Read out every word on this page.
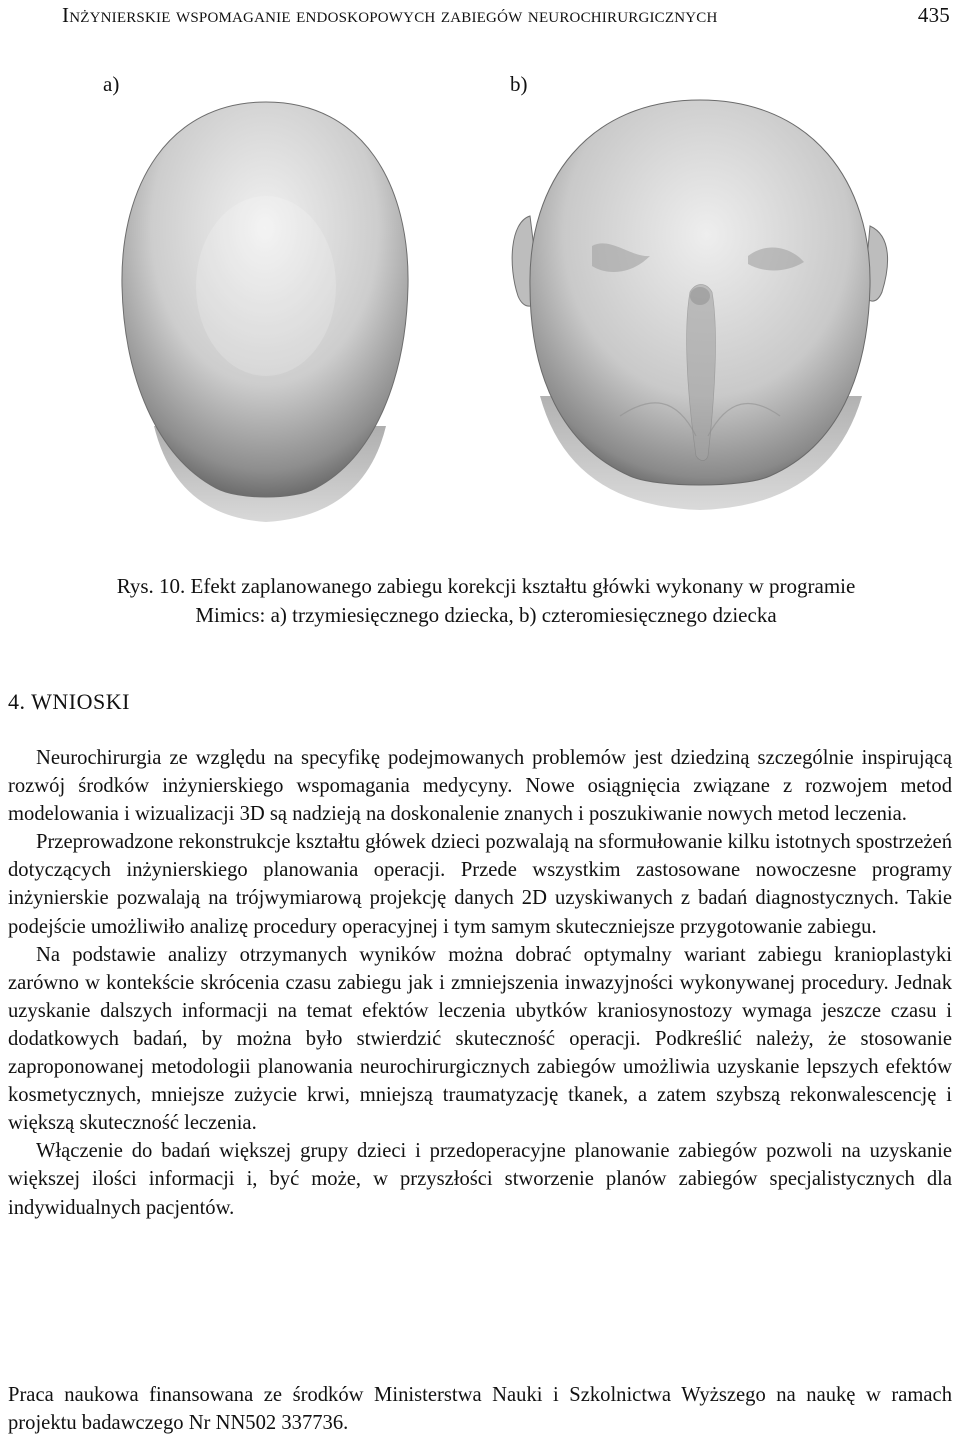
Inżynierskie wspomaganie endoskopowych zabiegów neurochirurgicznych	435
a)	b)
Rys. 10. Efekt zaplanowanego zabiegu korekcji kształtu główki wykonany w programie
Mimics: a) trzymiesięcznego dziecka, b) czteromiesięcznego dziecka
4. WNIOSKI

Neurochirurgia ze względu na specyfikę podejmowanych problemów jest dziedziną szczególnie inspirującą rozwój środków inżynierskiego wspomagania medycyny. Nowe osiągnięcia związane z rozwojem metod modelowania i wizualizacji 3D są nadzieją na doskonalenie znanych i poszukiwanie nowych metod leczenia.

Przeprowadzone rekonstrukcje kształtu główek dzieci pozwalają na sformułowanie kilku istotnych spostrzeżeń dotyczących inżynierskiego planowania operacji. Przede wszystkim zastosowane nowoczesne programy inżynierskie pozwalają na trójwymiarową projekcję danych 2D uzyskiwanych z badań diagnostycznych. Takie podejście umożliwiło analizę procedury operacyjnej i tym samym skuteczniejsze przygotowanie zabiegu.

Na podstawie analizy otrzymanych wyników można dobrać optymalny wariant zabiegu kranioplastyki zarówno w kontekście skrócenia czasu zabiegu jak i zmniejszenia inwazyjności wykonywanej procedury. Jednak uzyskanie dalszych informacji na temat efektów leczenia ubytków kraniosynostozy wymaga jeszcze czasu i dodatkowych badań, by można było stwierdzić skuteczność operacji. Podkreślić należy, że stosowanie zaproponowanej metodologii planowania neurochirurgicznych zabiegów umożliwia uzyskanie lepszych efektów kosmetycznych, mniejsze zużycie krwi, mniejszą traumatyzację tkanek, a zatem szybszą rekonwalescencję i większą skuteczność leczenia.

Włączenie do badań większej grupy dzieci i przedoperacyjne planowanie zabiegów pozwoli na uzyskanie większej ilości informacji i, być może, w przyszłości stworzenie planów zabiegów specjalistycznych dla indywidualnych pacjentów.

Praca naukowa finansowana ze środków Ministerstwa Nauki i Szkolnictwa Wyższego na naukę w ramach projektu badawczego Nr NN502 337736.
